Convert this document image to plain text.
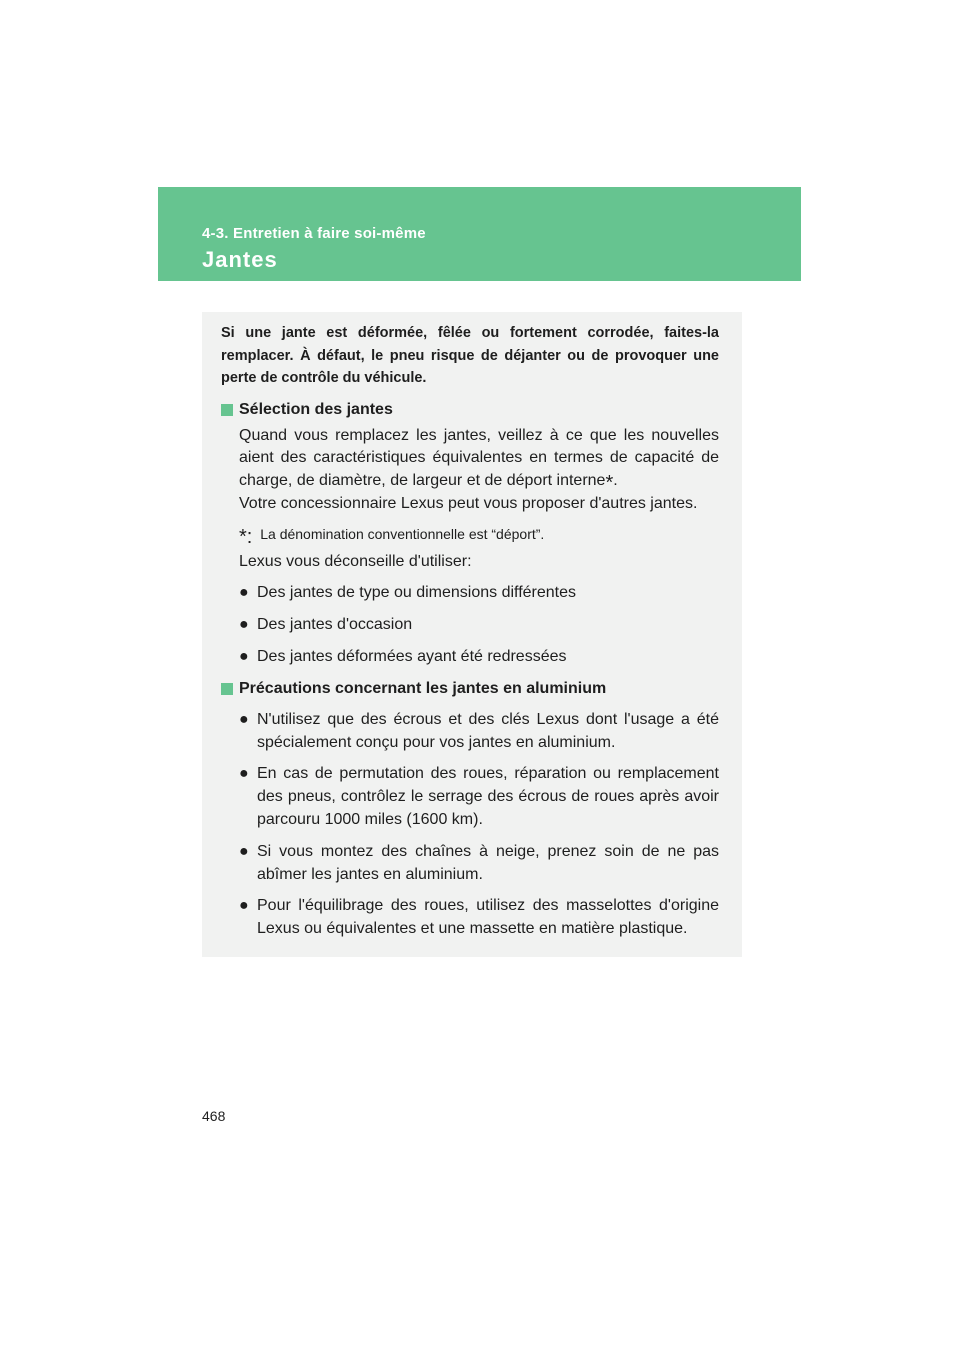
4-3. Entretien à faire soi-même
Jantes

Si une jante est déformée, fêlée ou fortement corrodée, faites-la remplacer. À défaut, le pneu risque de déjanter ou de provoquer une perte de contrôle du véhicule.

Sélection des jantes

Quand vous remplacez les jantes, veillez à ce que les nouvelles aient des caractéristiques équivalentes en termes de capacité de charge, de diamètre, de largeur et de déport interne*.
Votre concessionnaire Lexus peut vous proposer d'autres jantes.

*: La dénomination conventionnelle est “déport”.

Lexus vous déconseille d'utiliser:

● Des jantes de type ou dimensions différentes
● Des jantes d'occasion
● Des jantes déformées ayant été redressées
Précautions concernant les jantes en aluminium
● N'utilisez que des écrous et des clés Lexus dont l'usage a été spécialement conçu pour vos jantes en aluminium.
● En cas de permutation des roues, réparation ou remplacement des pneus, contrôlez le serrage des écrous de roues après avoir parcouru 1000 miles (1600 km).
● Si vous montez des chaînes à neige, prenez soin de ne pas abîmer les jantes en aluminium.
● Pour l'équilibrage des roues, utilisez des masselottes d'origine Lexus ou équivalentes et une massette en matière plastique.
468
